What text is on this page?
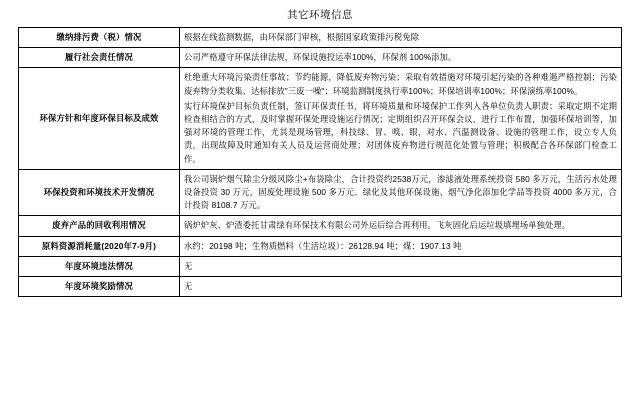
其它环境信息
缴纳排污费（税）情况	根据在线监测数据，由环保部门审核，根据国家政策排污税免除

履行社会责任情况	公司严格遵守环保法律法规，环保设施投运率100%，环保剂 100%添加。

环保方针和年度环保目标及成效	杜绝重大环境污染责任事故；节约能源，降低废弃物污染；采取有效措施对环境引起污染的各种难遏严格控制；污染废弃物分类收集、达标排放"三废一噪"；环境监测制度执行率100%；环保培训率100%；环保演练率100%。
实行环境保护目标负责任制，签订环保责任书，将环境质量和环境保护工作列入各单位负责人职责；采取定期不定期检查相结合的方式，及时掌握环保处理设施运行情况；定期组织召开环保会议，进行工作布置，加强环保培训等，加强对环境的管理工作，尤其是现场管理，科技绿、冒、嗅、眼，对水、汽温测设备、设施的管理工作，设立专人负责，出现故障及时通知有关人员及运营商处理；对团体废弃物进行规范化处置与管理；积极配合各环保部门检查工作。

环保投资和环境技术开发情况	我公司锅炉烟气除尘分级风除尘+布袋除尘，合计投资约2538万元，渗滤液处理系统投资 580 多万元，生活污水处理设备投资 30 万元，固废处理设施 500 多万元、绿化及其他环保设施、烟气净化添加化学品等投资 4000 多万元，合计投资 8108.7 万元。

废弃产品的回收利用情况	锅炉炉灰、炉渣委托甘肃绿有环保技术有限公司外运后综合再利用。飞灰固化后运垃圾填埋场单独处理。

原料资源消耗量(2020年7-9月)	水约：20198 吨；生物质燃料（生活垃圾）：26128.94 吨；煤：1907.13 吨

年度环境违法情况	无

年度环境奖励情况	无
